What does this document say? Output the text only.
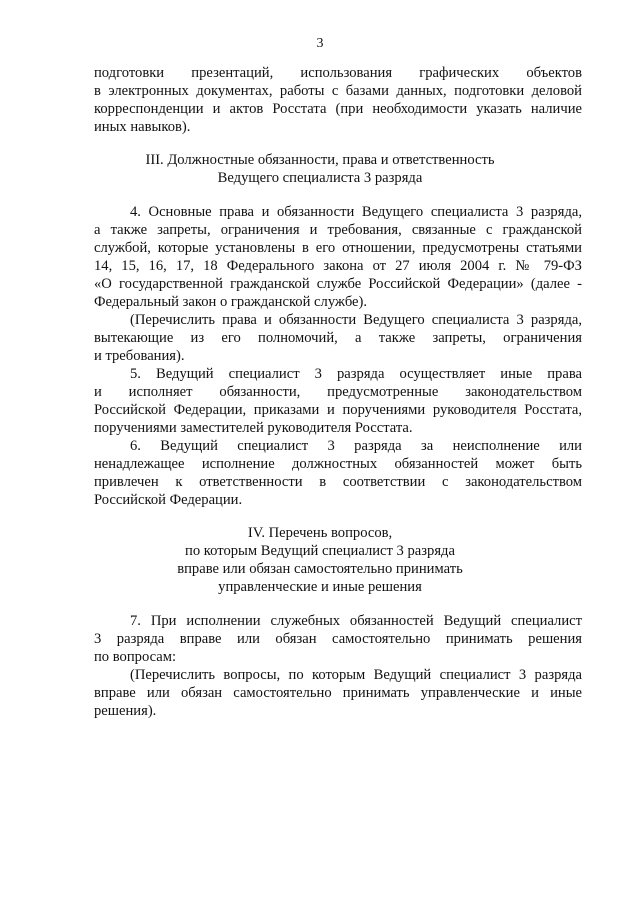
3
подготовки презентаций, использования графических объектов
в электронных документах, работы с базами данных, подготовки деловой
корреспонденции и актов Росстата (при необходимости указать наличие
иных навыков).
III. Должностные обязанности, права и ответственность
Ведущего специалиста 3 разряда
4. Основные права и обязанности Ведущего специалиста 3 разряда,
а также запреты, ограничения и требования, связанные с гражданской
службой, которые установлены в его отношении, предусмотрены статьями
14, 15, 16, 17, 18 Федерального закона от 27 июля 2004 г. № 79-ФЗ
«О государственной гражданской службе Российской Федерации» (далее -
Федеральный закон о гражданской службе).
(Перечислить права и обязанности Ведущего специалиста 3 разряда,
вытекающие из его полномочий, а также запреты, ограничения
и требования).
5. Ведущий специалист 3 разряда осуществляет иные права
и исполняет обязанности, предусмотренные законодательством
Российской Федерации, приказами и поручениями руководителя Росстата,
поручениями заместителей руководителя Росстата.
6. Ведущий специалист 3 разряда за неисполнение или
ненадлежащее исполнение должностных обязанностей может быть
привлечен к ответственности в соответствии с законодательством
Российской Федерации.
IV. Перечень вопросов,
по которым Ведущий специалист 3 разряда
вправе или обязан самостоятельно принимать
управленческие и иные решения
7. При исполнении служебных обязанностей Ведущий специалист
3 разряда вправе или обязан самостоятельно принимать решения
по вопросам:
(Перечислить вопросы, по которым Ведущий специалист 3 разряда
вправе или обязан самостоятельно принимать управленческие и иные
решения).
